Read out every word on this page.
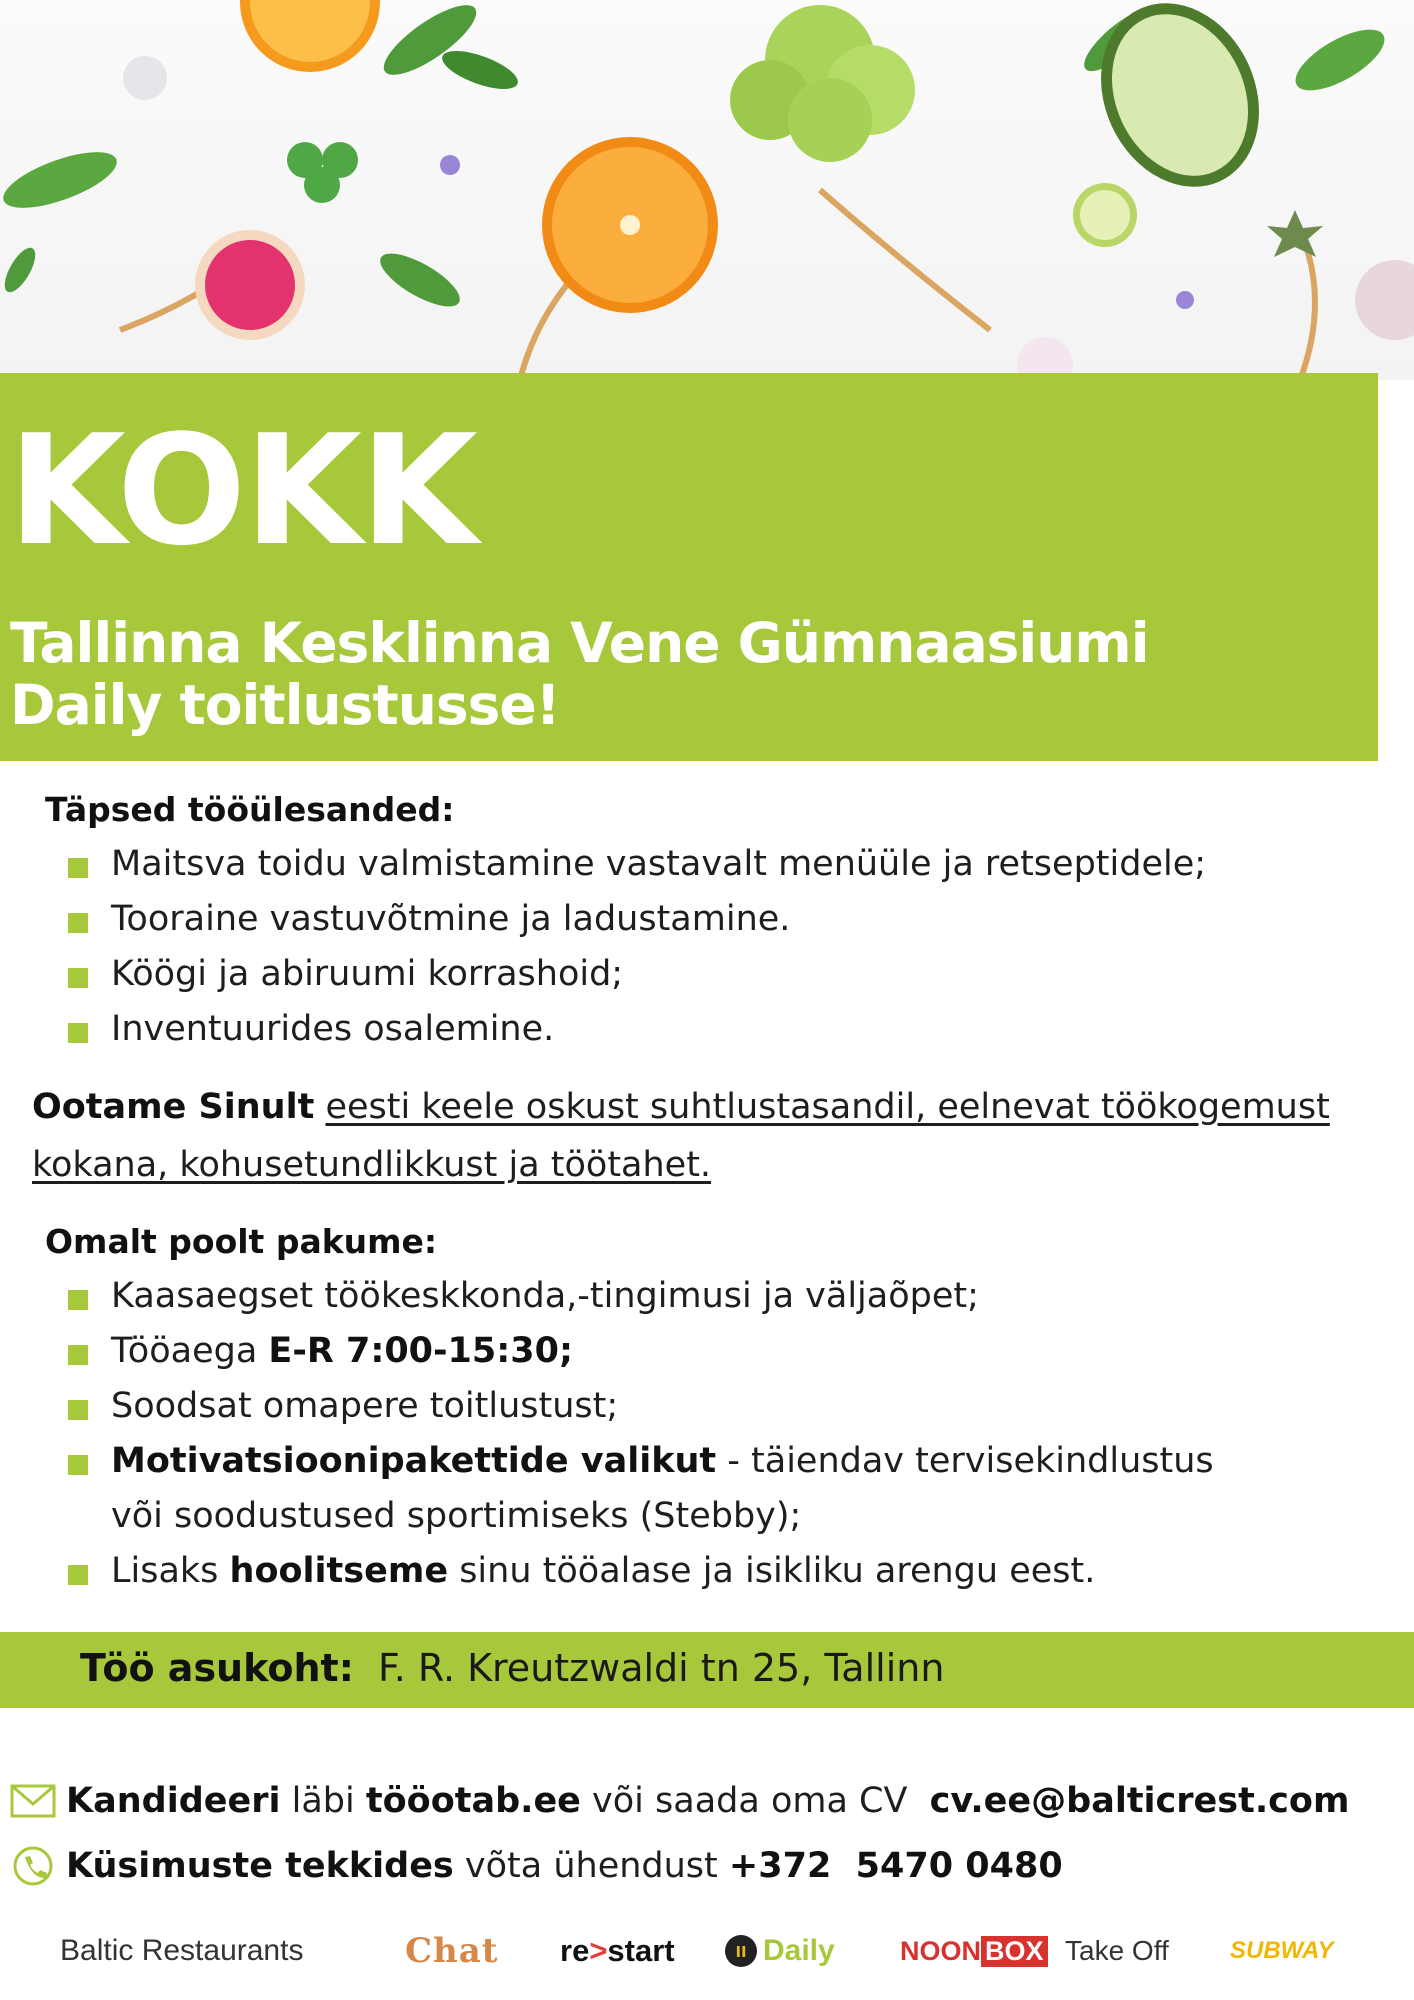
KOKK
Tallinna Kesklinna Vene Gümnaasiumi
Daily toitlustusse!
Täpsed tööülesanded:
Maitsva toidu valmistamine vastavalt menüüle ja retseptidele;
Tooraine vastuvõtmine ja ladustamine.
Köögi ja abiruumi korrashoid;
Inventuurides osalemine.

Ootame Sinult eesti keele oskust suhtlustasandil, eelnevat töökogemust kokana, kohusetundlikkust ja töötahet.

Omalt poolt pakume:
Kaasaegset töökeskkonda,-tingimusi ja väljaõpet;
Tööaega E-R 7:00-15:30;
Soodsat omapere toitlustust;
Motivatsioonipakettide valikut - täiendav tervisekindlustus
või soodustused sportimiseks (Stebby);
Lisaks hoolitseme sinu tööalase ja isikliku arengu eest.

Töö asukoht: F. R. Kreutzwaldi tn 25, Tallinn

Kandideeri läbi tööotab.ee või saada oma CV cv.ee@balticrest.com
Küsimuste tekkides võta ühendust +372  5470 0480
Baltic Restaurants	Chat re > start	ıı Daily NOON BOX Take Off	SUBWAY
